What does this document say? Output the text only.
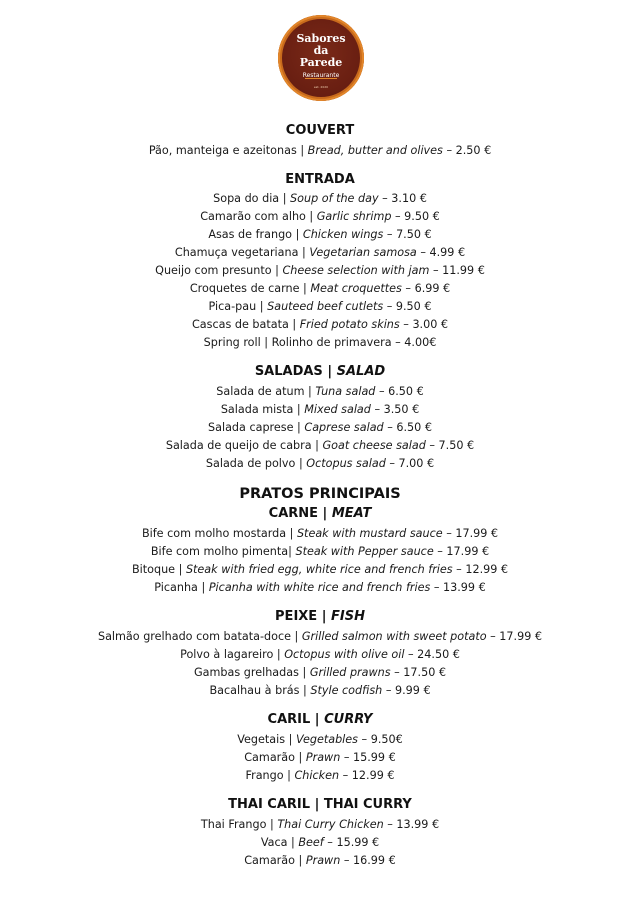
Sabores
da
Parede
Restaurante
est. 2020
COUVERT
Pão, manteiga e azeitonas | Bread, butter and olives – 2.50 €
ENTRADA
Sopa do dia | Soup of the day – 3.10 €
Camarão com alho | Garlic shrimp – 9.50 €
Asas de frango | Chicken wings – 7.50 €
Chamuça vegetariana | Vegetarian samosa – 4.99 €
Queijo com presunto | Cheese selection with jam – 11.99 €
Croquetes de carne | Meat croquettes – 6.99 €
Pica-pau | Sauteed beef cutlets – 9.50 €
Cascas de batata | Fried potato skins – 3.00 €
Spring roll | Rolinho de primavera – 4.00€
SALADAS | SALAD
Salada de atum | Tuna salad – 6.50 €
Salada mista | Mixed salad – 3.50 €
Salada caprese | Caprese salad – 6.50 €
Salada de queijo de cabra | Goat cheese salad – 7.50 €
Salada de polvo | Octopus salad – 7.00 €
PRATOS PRINCIPAIS
CARNE | MEAT
Bife com molho mostarda | Steak with mustard sauce – 17.99 €
Bife com molho pimenta| Steak with Pepper sauce – 17.99 €
Bitoque | Steak with fried egg, white rice and french fries – 12.99 €
Picanha | Picanha with white rice and french fries – 13.99 €
PEIXE | FISH
Salmão grelhado com batata-doce | Grilled salmon with sweet potato – 17.99 €
Polvo à lagareiro | Octopus with olive oil – 24.50 €
Gambas grelhadas | Grilled prawns – 17.50 €
Bacalhau à brás | Style codfish – 9.99 €
CARIL | CURRY
Vegetais | Vegetables – 9.50€
Camarão | Prawn – 15.99 €
Frango | Chicken – 12.99 €
THAI CARIL | THAI CURRY
Thai Frango | Thai Curry Chicken – 13.99 €
Vaca | Beef – 15.99 €
Camarão | Prawn – 16.99 €
